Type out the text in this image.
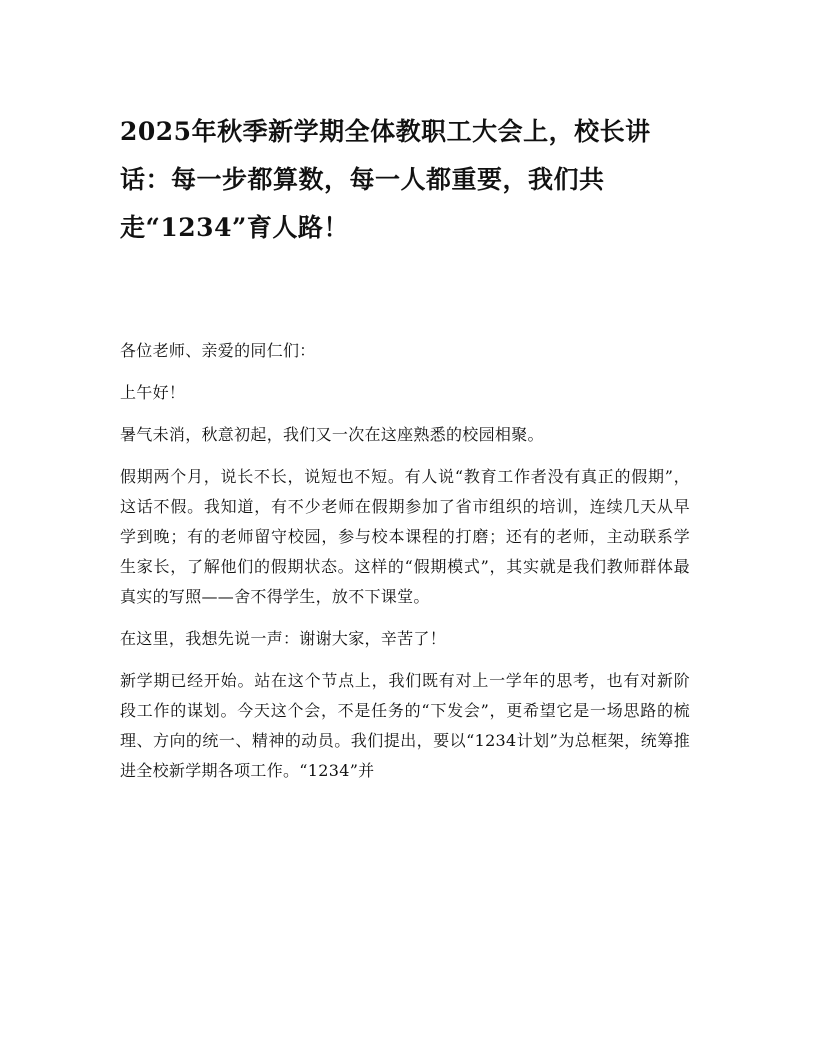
2025年秋季新学期全体教职工大会上，校长讲话：每一步都算数，每一人都重要，我们共走“1234”育人路！

各位老师、亲爱的同仁们：

上午好！

暑气未消，秋意初起，我们又一次在这座熟悉的校园相聚。

假期两个月，说长不长，说短也不短。有人说“教育工作者没有真正的假期”，这话不假。我知道，有不少老师在假期参加了省市组织的培训，连续几天从早学到晚；有的老师留守校园，参与校本课程的打磨；还有的老师，主动联系学生家长，了解他们的假期状态。这样的“假期模式”，其实就是我们教师群体最真实的写照——舍不得学生，放不下课堂。

在这里，我想先说一声：谢谢大家，辛苦了！

新学期已经开始。站在这个节点上，我们既有对上一学年的思考，也有对新阶段工作的谋划。今天这个会，不是任务的“下发会”，更希望它是一场思路的梳理、方向的统一、精神的动员。我们提出，要以“1234计划”为总框架，统筹推进全校新学期各项工作。“1234”并
